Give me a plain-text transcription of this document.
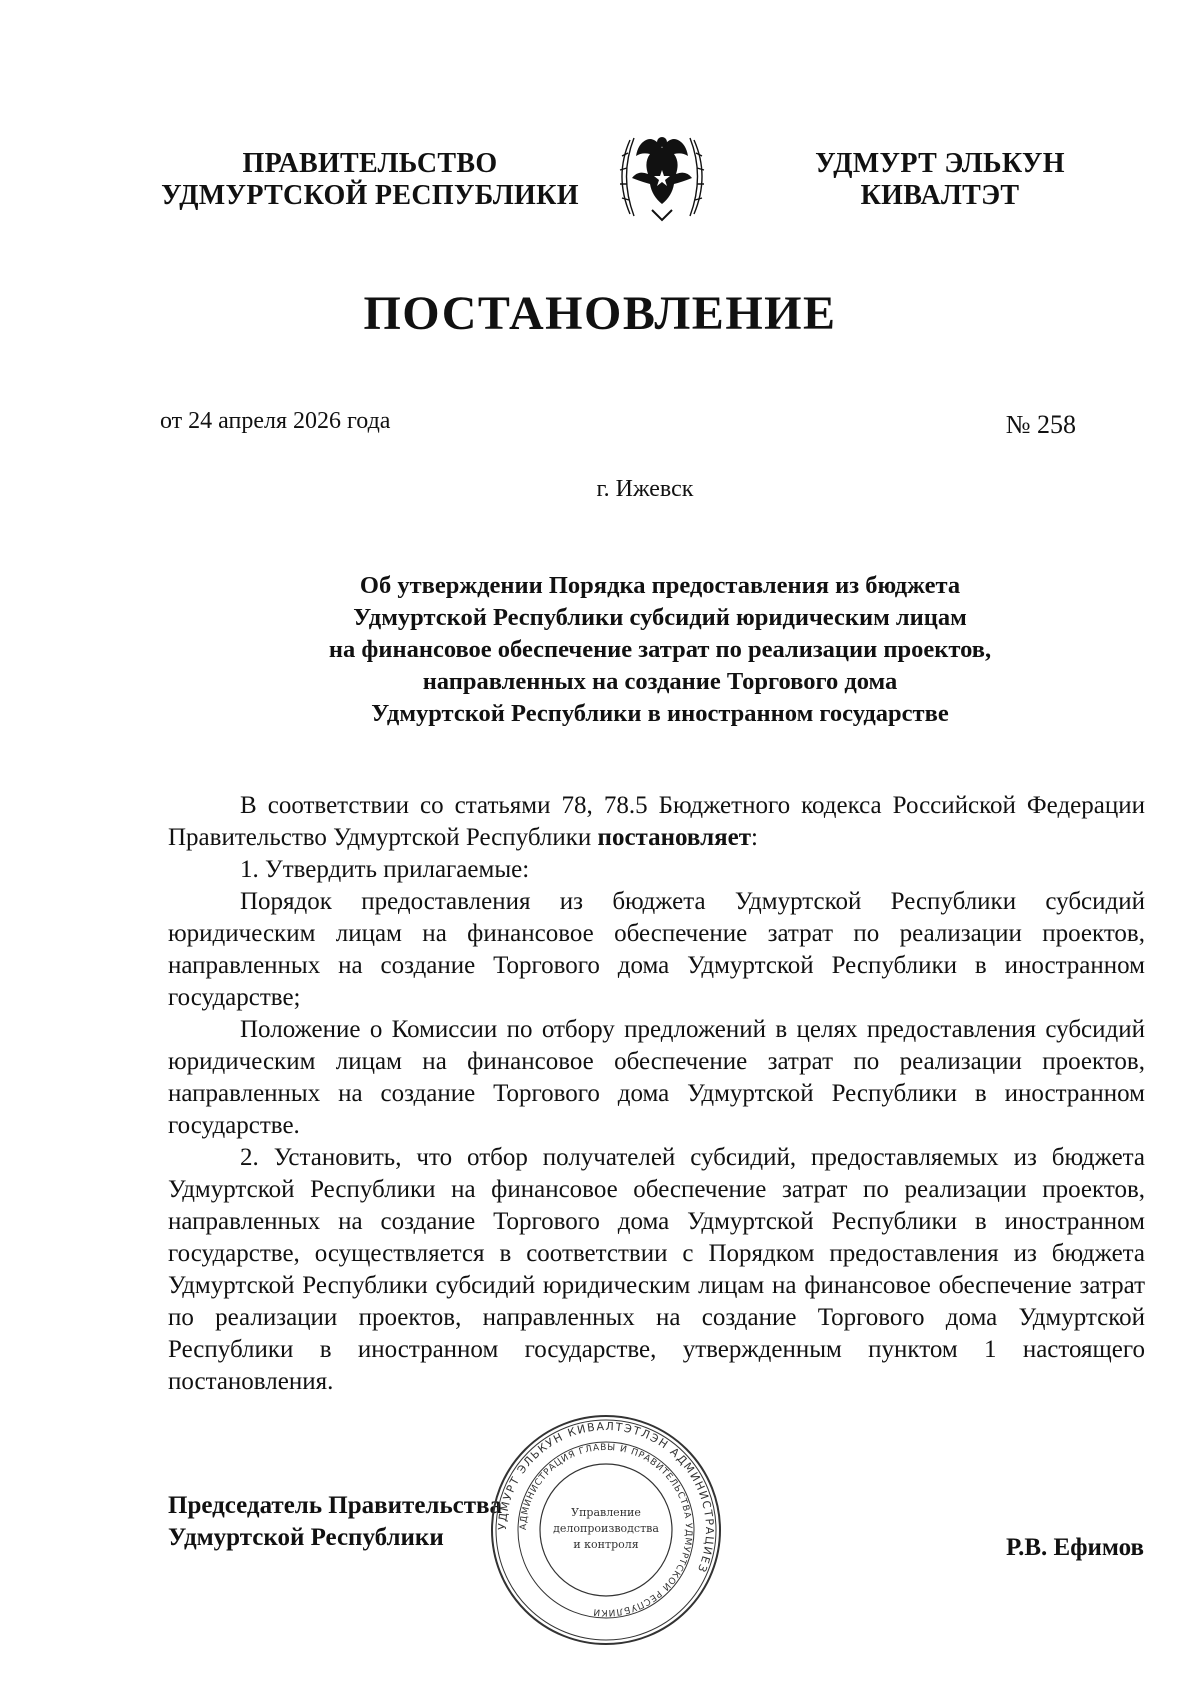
ПРАВИТЕЛЬСТВО
УДМУРТСКОЙ РЕСПУБЛИКИ
УДМУРТ ЭЛЬКУН
КИВАЛТЭТ
ПОСТАНОВЛЕНИЕ
от 24 апреля 2026 года	№ 258
г. Ижевск
Об утверждении Порядка предоставления из бюджета
Удмуртской Республики субсидий юридическим лицам
на финансовое обеспечение затрат по реализации проектов,
направленных на создание Торгового дома
Удмуртской Республики в иностранном государстве

В соответствии со статьями 78, 78.5 Бюджетного кодекса Российской Федерации Правительство Удмуртской Республики постановляет:

1. Утвердить прилагаемые:

Порядок предоставления из бюджета Удмуртской Республики субсидий юридическим лицам на финансовое обеспечение затрат по реализации проектов, направленных на создание Торгового дома Удмуртской Республики в иностранном государстве;

Положение о Комиссии по отбору предложений в целях предоставления субсидий юридическим лицам на финансовое обеспечение затрат по реализации проектов, направленных на создание Торгового дома Удмуртской Республики в иностранном государстве.

2. Установить, что отбор получателей субсидий, предоставляемых из бюджета Удмуртской Республики на финансовое обеспечение затрат по реализации проектов, направленных на создание Торгового дома Удмуртской Республики в иностранном государстве, осуществляется в соответствии с Порядком предоставления из бюджета Удмуртской Республики субсидий юридическим лицам на финансовое обеспечение затрат по реализации проектов, направленных на создание Торгового дома Удмуртской Республики в иностранном государстве, утвержденным пунктом 1 настоящего постановления.

Председатель Правительства
Удмуртской Республики	УДМУРТ ЭЛЬКУН КИВАЛТЭТЛЭН АДМИНИСТРАЦИЕЗ
АДМИНИСТРАЦИЯ ГЛАВЫ И ПРАВИТЕЛЬСТВА УДМУРТСКОЙ РЕСПУБЛИКИ
Управление
делопроизводства
и контроля	Р.В. Ефимов
